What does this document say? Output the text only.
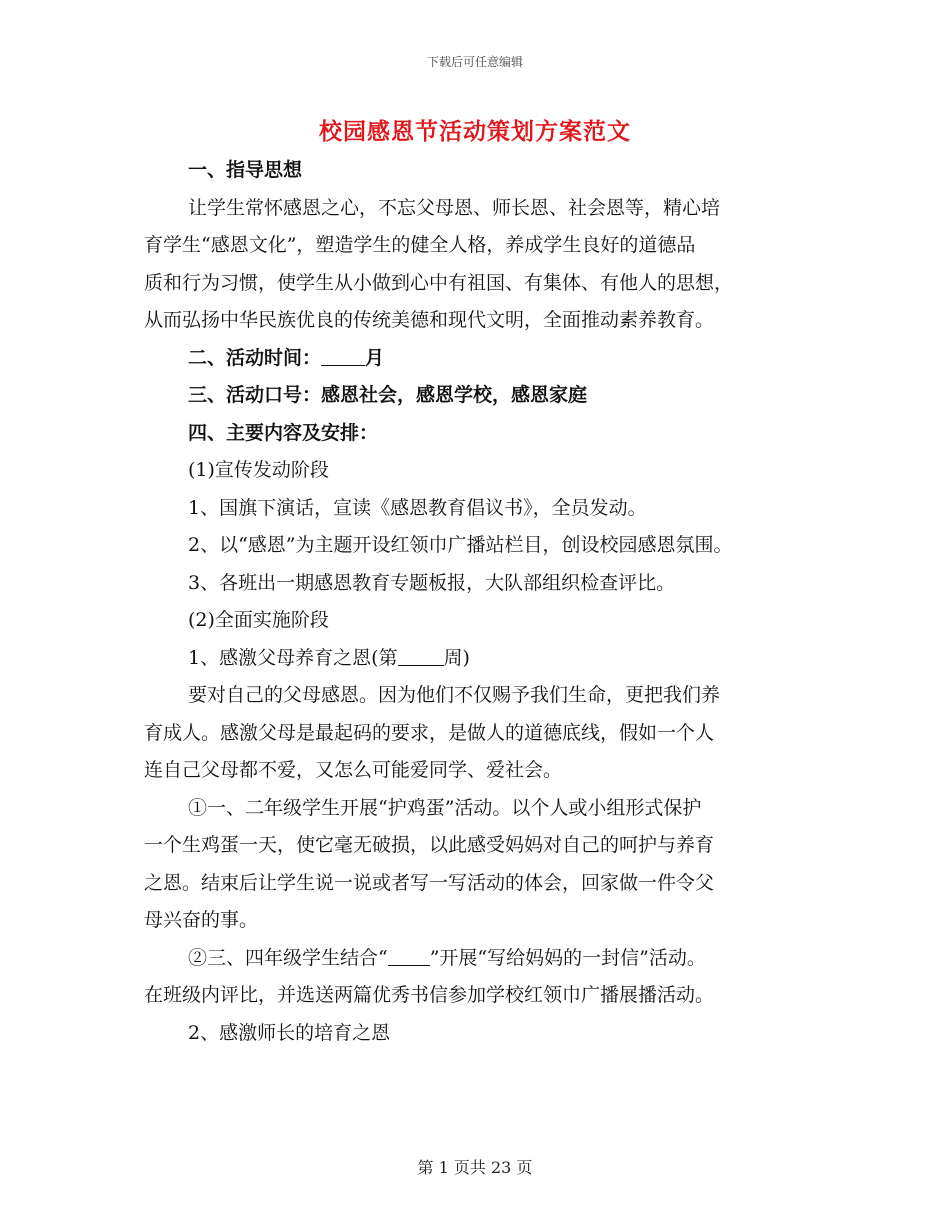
下载后可任意编辑
校园感恩节活动策划方案范文
一、指导思想
让学生常怀感恩之心，不忘父母恩、师长恩、社会恩等，精心培
育学生“感恩文化”，塑造学生的健全人格，养成学生良好的道德品
质和行为习惯，使学生从小做到心中有祖国、有集体、有他人的思想，
从而弘扬中华民族优良的传统美德和现代文明，全面推动素养教育。
二、活动时间： 月
三、活动口号：感恩社会，感恩学校，感恩家庭
四、主要内容及安排：
(1)宣传发动阶段
1、国旗下演话，宣读《感恩教育倡议书》，全员发动。
2、以“感恩”为主题开设红领巾广播站栏目，创设校园感恩氛围。
3、各班出一期感恩教育专题板报，大队部组织检查评比。
(2)全面实施阶段
1、感激父母养育之恩(第 周)
要对自己的父母感恩。因为他们不仅赐予我们生命，更把我们养
育成人。感激父母是最起码的要求，是做人的道德底线，假如一个人
连自己父母都不爱，又怎么可能爱同学、爱社会。
①一、二年级学生开展“护鸡蛋”活动。以个人或小组形式保护
一个生鸡蛋一天，使它毫无破损，以此感受妈妈对自己的呵护与养育
之恩。结束后让学生说一说或者写一写活动的体会，回家做一件令父
母兴奋的事。
②三、四年级学生结合“ ”开展“写给妈妈的一封信”活动。
在班级内评比，并选送两篇优秀书信参加学校红领巾广播展播活动。
2、感激师长的培育之恩
第 1 页共 23 页
